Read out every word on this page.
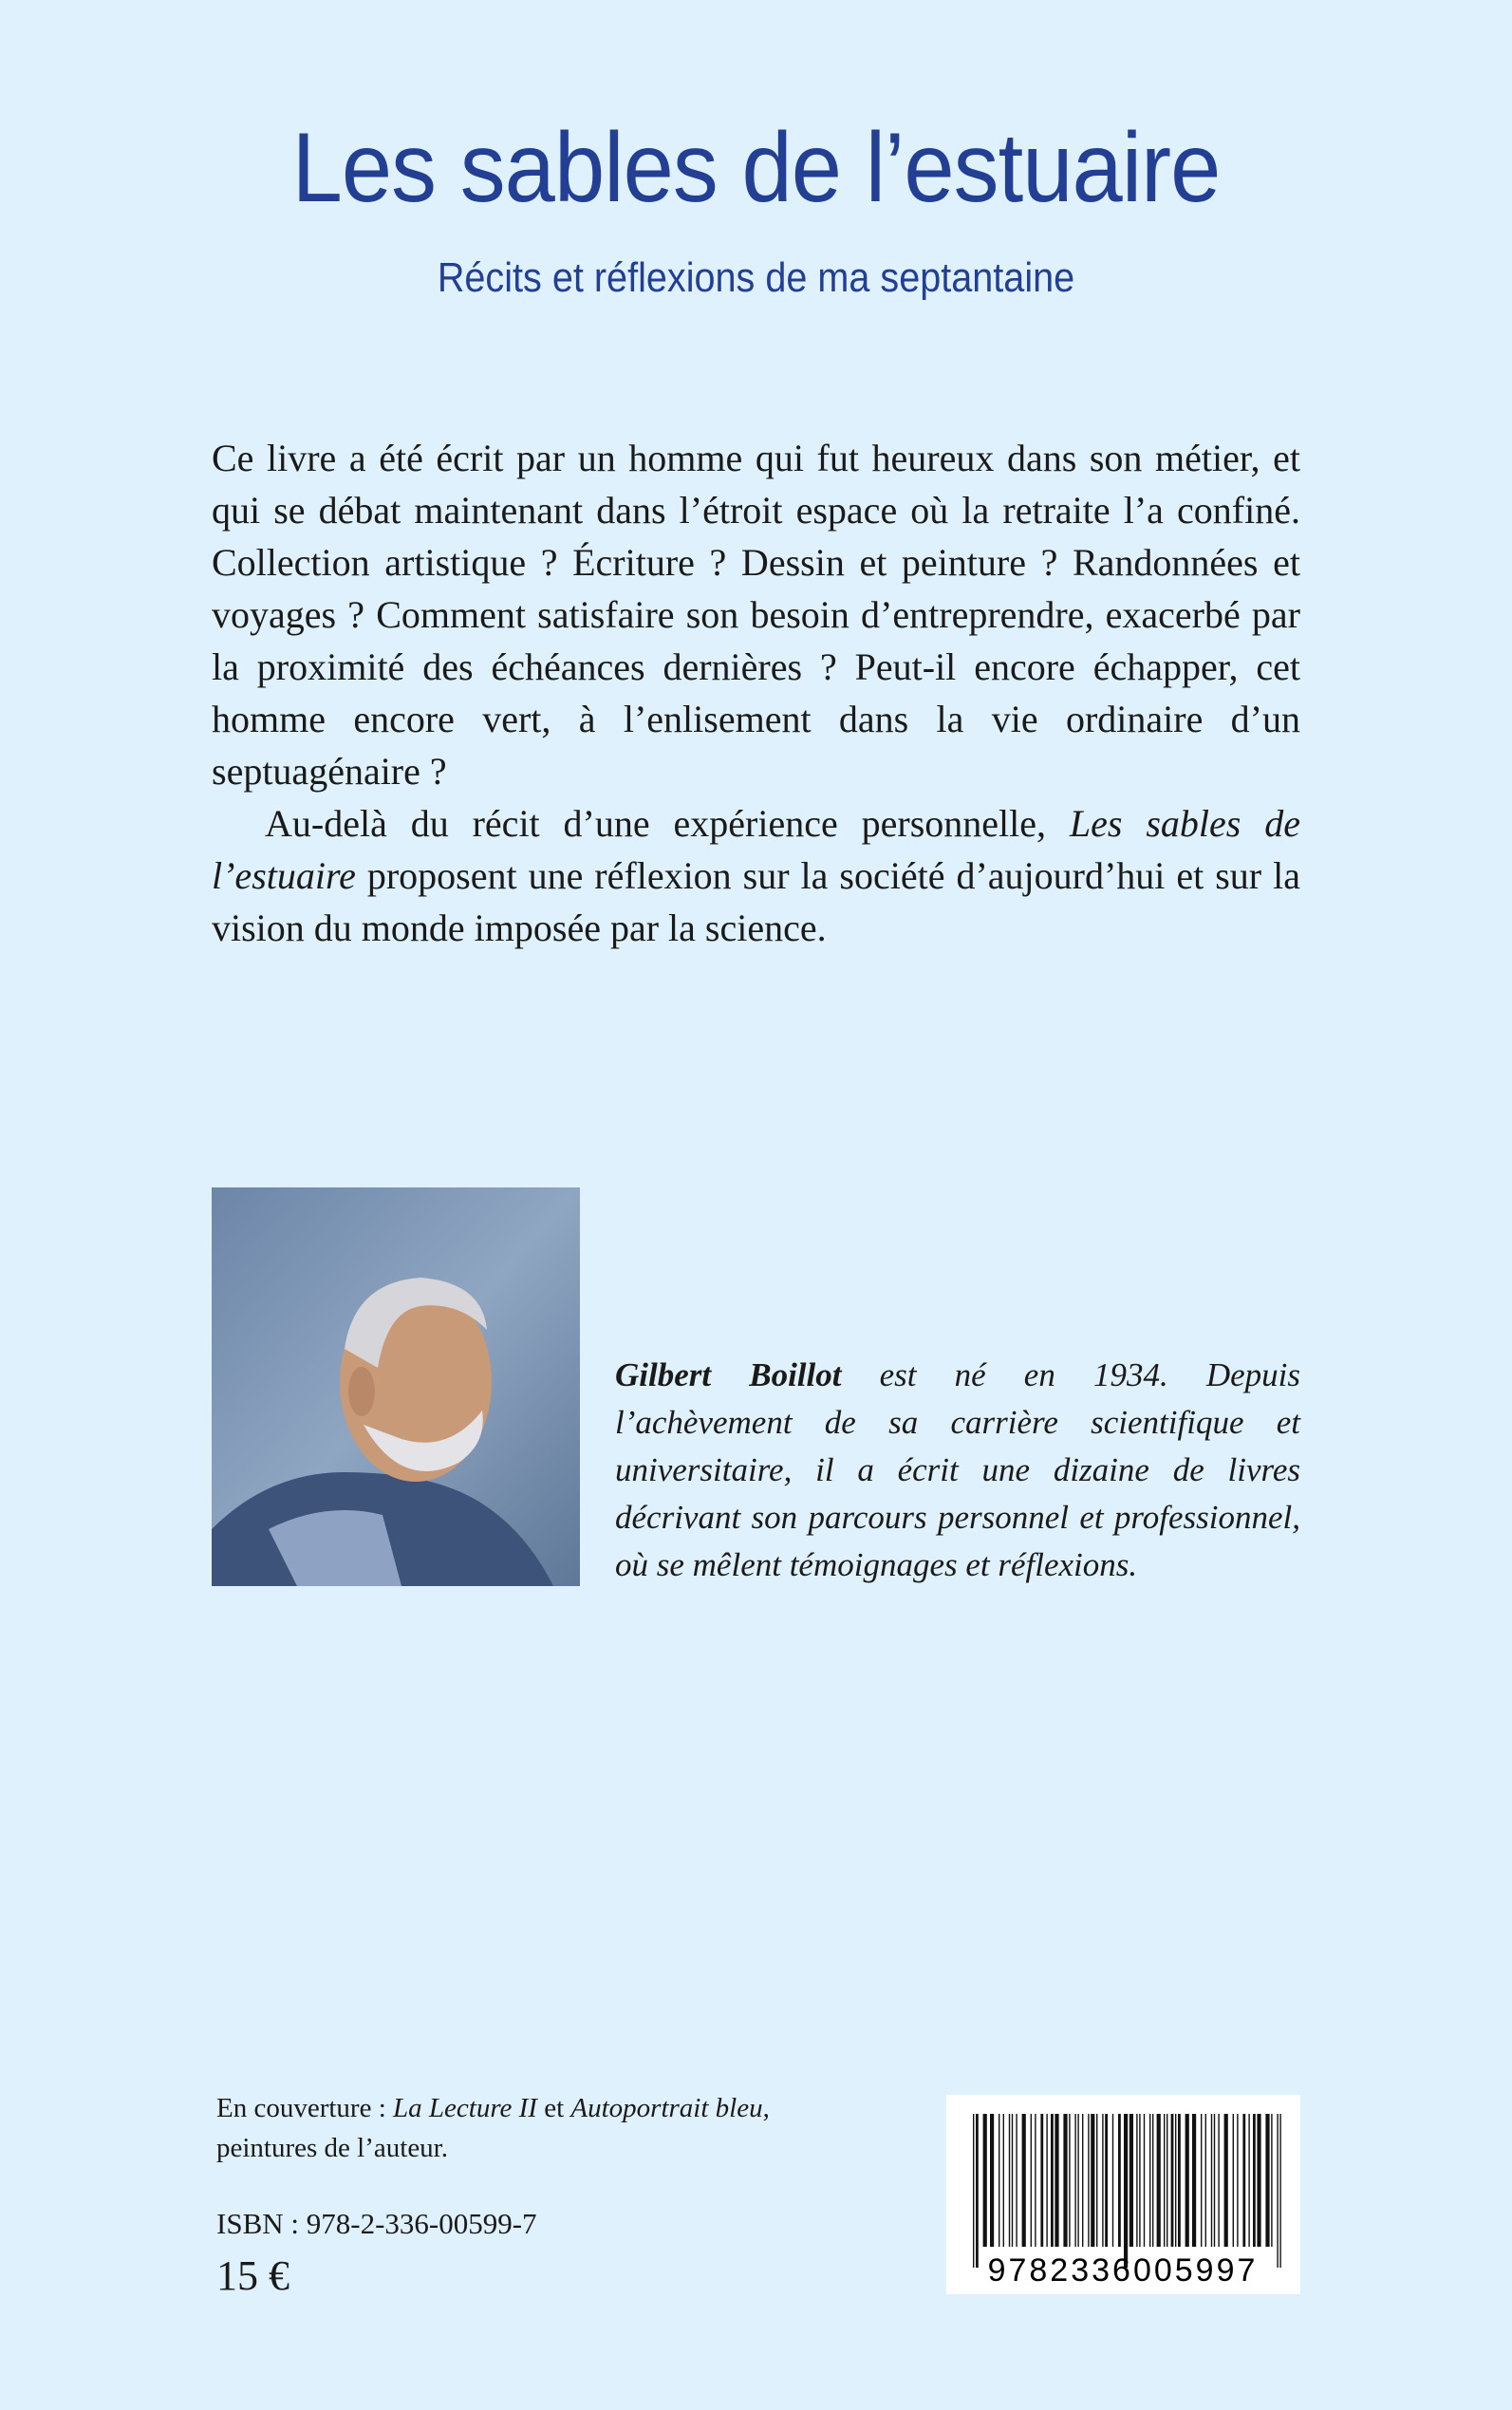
Les sables de l’estuaire
Récits et réflexions de ma septantaine

Ce livre a été écrit par un homme qui fut heureux dans son métier, et qui se débat maintenant dans l’étroit espace où la retraite l’a confiné. Collection artistique ? Écriture ? Dessin et peinture ? Randonnées et voyages ? Comment satisfaire son besoin d’entreprendre, exacerbé par la proximité des échéances dernières ? Peut-il encore échapper, cet homme encore vert, à l’enlisement dans la vie ordinaire d’un septuagénaire ?

Au-delà du récit d’une expérience personnelle, Les sables de l’estuaire proposent une réflexion sur la société d’aujourd’hui et sur la vision du monde imposée par la science.

Gilbert Boillot est né en 1934. Depuis l’achèvement de sa carrière scientifique et universitaire, il a écrit une dizaine de livres décrivant son parcours personnel et professionnel, où se mêlent témoignages et réflexions.
En couverture : La Lecture II et Autoportrait bleu,
peintures de l’auteur.
ISBN : 978-2-336-00599-7
15 €	9782336005997
